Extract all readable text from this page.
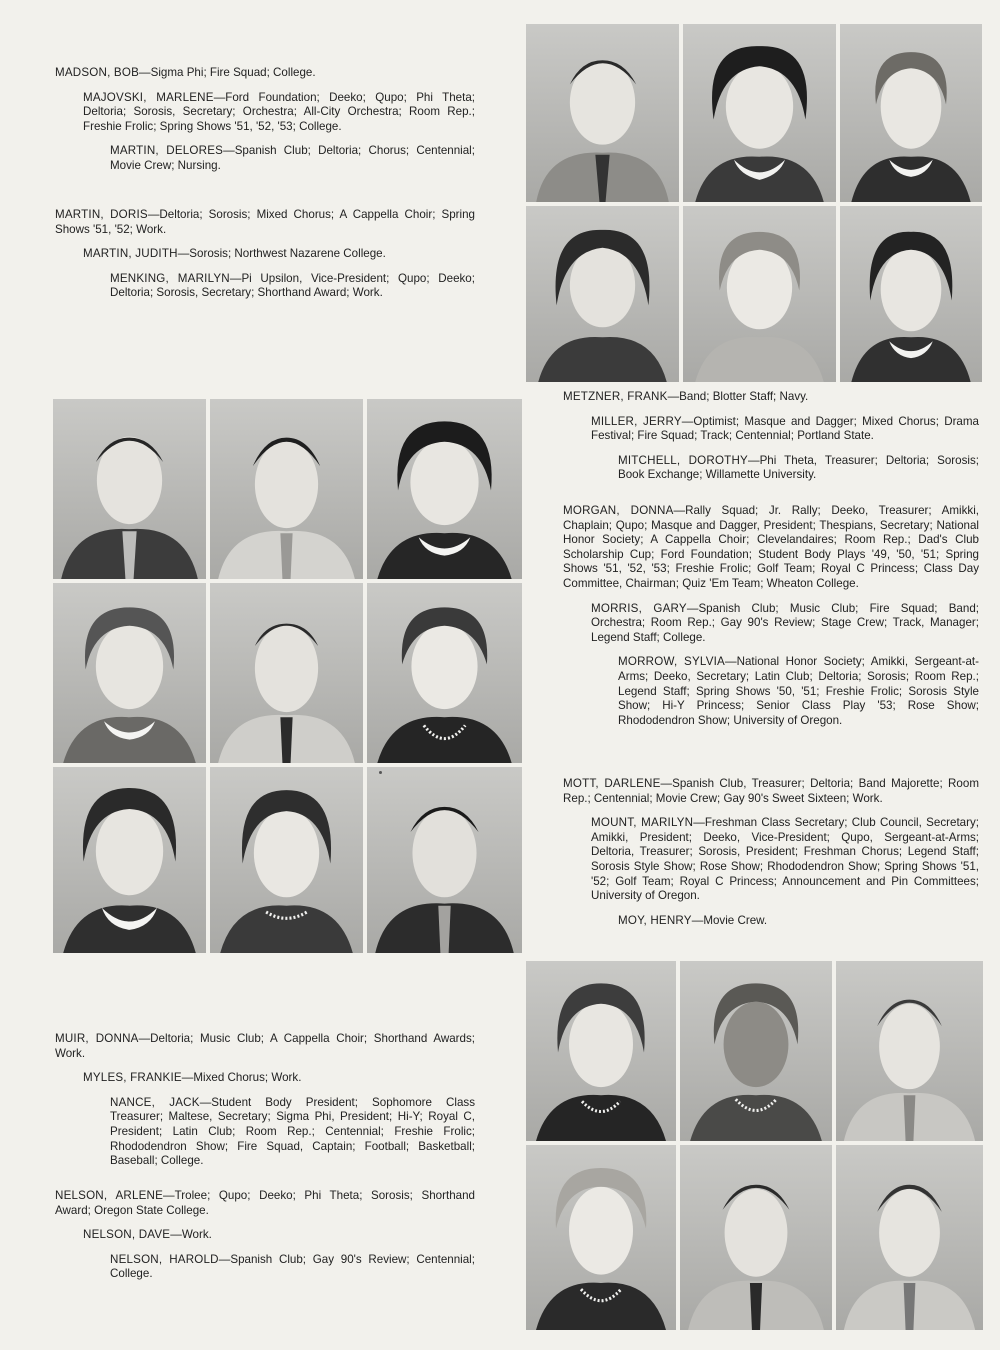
MADSON, BOB—Sigma Phi; Fire Squad; College.
MAJOVSKI, MARLENE—Ford Foundation; Deeko; Qupo; Phi Theta; Deltoria; Sorosis, Secretary; Orchestra; All-City Orchestra; Room Rep.; Freshie Frolic; Spring Shows '51, '52, '53; College.
MARTIN, DELORES—Spanish Club; Deltoria; Chorus; Centennial; Movie Crew; Nursing.
MARTIN, DORIS—Deltoria; Sorosis; Mixed Chorus; A Cappella Choir; Spring Shows '51, '52; Work.
MARTIN, JUDITH—Sorosis; Northwest Nazarene College.
MENKING, MARILYN—Pi Upsilon, Vice-President; Qupo; Deeko; Deltoria; Sorosis, Secretary; Shorthand Award; Work.
METZNER, FRANK—Band; Blotter Staff; Navy.
MILLER, JERRY—Optimist; Masque and Dagger; Mixed Chorus; Drama Festival; Fire Squad; Track; Centennial; Portland State.
MITCHELL, DOROTHY—Phi Theta, Treasurer; Deltoria; Sorosis; Book Exchange; Willamette University.
MORGAN, DONNA—Rally Squad; Jr. Rally; Deeko, Treasurer; Amikki, Chaplain; Qupo; Masque and Dagger, President; Thespians, Secretary; National Honor Society; A Cappella Choir; Clevelandaires; Room Rep.; Dad's Club Scholarship Cup; Ford Foundation; Student Body Plays '49, '50, '51; Spring Shows '51, '52, '53; Freshie Frolic; Golf Team; Royal C Princess; Class Day Committee, Chairman; Quiz 'Em Team; Wheaton College.
MORRIS, GARY—Spanish Club; Music Club; Fire Squad; Band; Orchestra; Room Rep.; Gay 90's Review; Stage Crew; Track, Manager; Legend Staff; College.
MORROW, SYLVIA—National Honor Society; Amikki, Sergeant-at-Arms; Deeko, Secretary; Latin Club; Deltoria; Sorosis; Room Rep.; Legend Staff; Spring Shows '50, '51; Freshie Frolic; Sorosis Style Show; Hi-Y Princess; Senior Class Play '53; Rose Show; Rhododendron Show; University of Oregon.
MOTT, DARLENE—Spanish Club, Treasurer; Deltoria; Band Majorette; Room Rep.; Centennial; Movie Crew; Gay 90's Sweet Sixteen; Work.
MOUNT, MARILYN—Freshman Class Secretary; Club Council, Secretary; Amikki, President; Deeko, Vice-President; Qupo, Sergeant-at-Arms; Deltoria, Treasurer; Sorosis, President; Freshman Chorus; Legend Staff; Sorosis Style Show; Rose Show; Rhododendron Show; Spring Shows '51, '52; Golf Team; Royal C Princess; Announcement and Pin Committees; University of Oregon.
MOY, HENRY—Movie Crew.
MUIR, DONNA—Deltoria; Music Club; A Cappella Choir; Shorthand Awards; Work.
MYLES, FRANKIE—Mixed Chorus; Work.
NANCE, JACK—Student Body President; Sophomore Class Treasurer; Maltese, Secretary; Sigma Phi, President; Hi-Y; Royal C, President; Latin Club; Room Rep.; Centennial; Freshie Frolic; Rhododendron Show; Fire Squad, Captain; Football; Basketball; Baseball; College.
NELSON, ARLENE—Trolee; Qupo; Deeko; Phi Theta; Sorosis; Shorthand Award; Oregon State College.
NELSON, DAVE—Work.
NELSON, HAROLD—Spanish Club; Gay 90's Review; Centennial; College.
